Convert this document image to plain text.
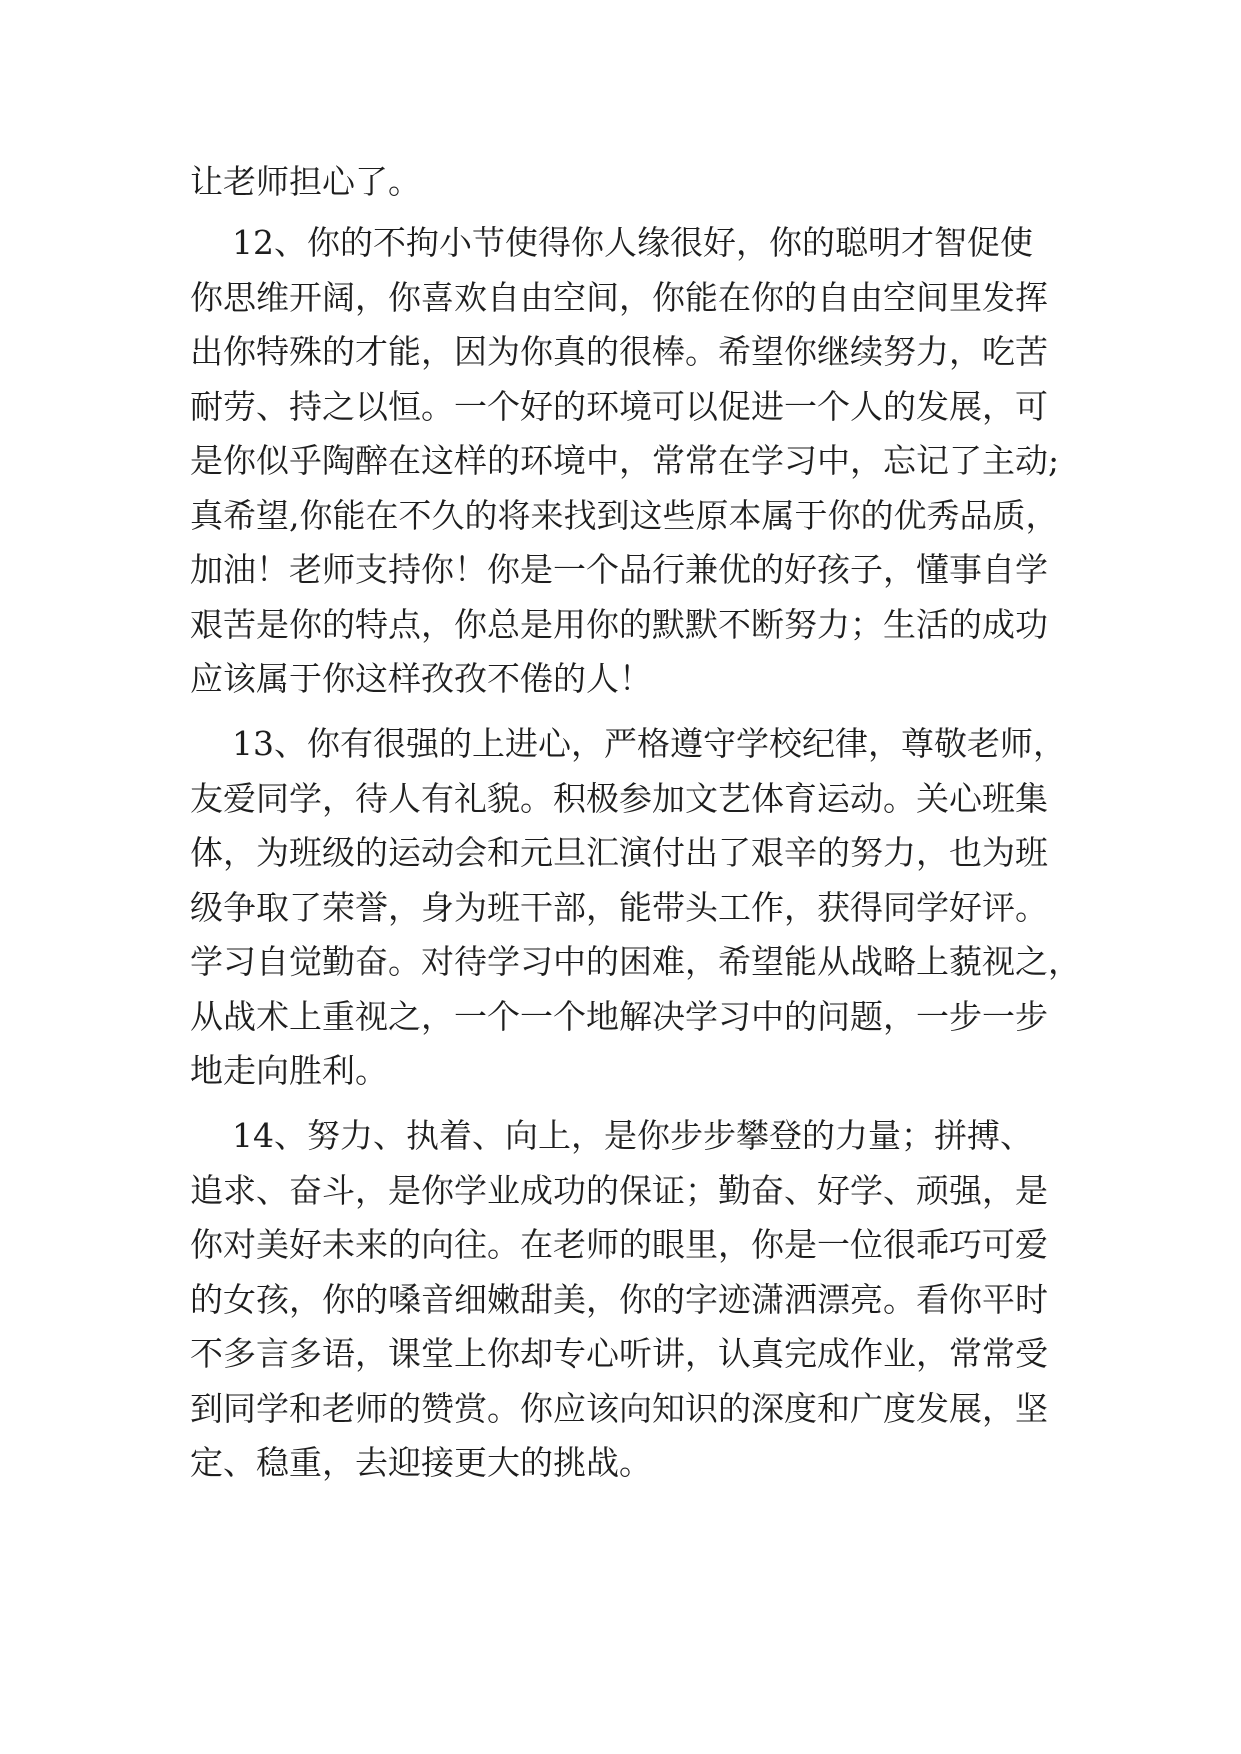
让老师担心了。
12、你的不拘小节使得你人缘很好，你的聪明才智促使
你思维开阔，你喜欢自由空间，你能在你的自由空间里发挥
出你特殊的才能，因为你真的很棒。希望你继续努力，吃苦
耐劳、持之以恒。一个好的环境可以促进一个人的发展，可
是你似乎陶醉在这样的环境中，常常在学习中，忘记了主动;
真希望,你能在不久的将来找到这些原本属于你的优秀品质，
加油！老师支持你！你是一个品行兼优的好孩子，懂事自学
艰苦是你的特点，你总是用你的默默不断努力；生活的成功
应该属于你这样孜孜不倦的人！
13、你有很强的上进心，严格遵守学校纪律，尊敬老师，
友爱同学，待人有礼貌。积极参加文艺体育运动。关心班集
体，为班级的运动会和元旦汇演付出了艰辛的努力，也为班
级争取了荣誉，身为班干部，能带头工作，获得同学好评。
学习自觉勤奋。对待学习中的困难，希望能从战略上藐视之，
从战术上重视之，一个一个地解决学习中的问题，一步一步
地走向胜利。
14、努力、执着、向上，是你步步攀登的力量；拼搏、
追求、奋斗，是你学业成功的保证；勤奋、好学、顽强，是
你对美好未来的向往。在老师的眼里，你是一位很乖巧可爱
的女孩，你的嗓音细嫩甜美，你的字迹潇洒漂亮。看你平时
不多言多语，课堂上你却专心听讲，认真完成作业，常常受
到同学和老师的赞赏。你应该向知识的深度和广度发展，坚
定、稳重，去迎接更大的挑战。
